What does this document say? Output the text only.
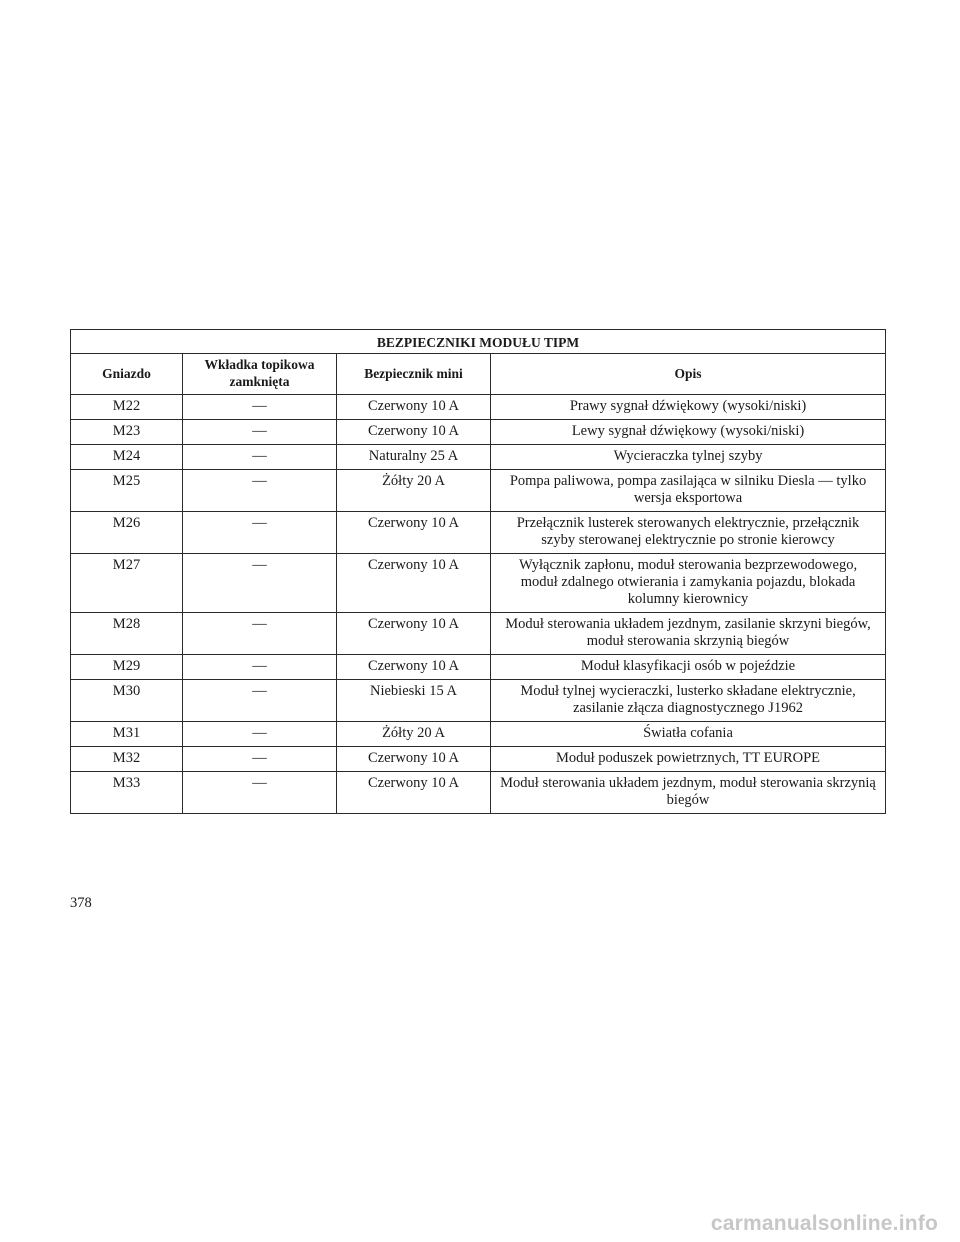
BEZPIECZNIKI MODUŁU TIPM			
Gniazdo	Wkładka topikowa zamknięta	Bezpiecznik mini	Opis
M22	—	Czerwony 10 A	Prawy sygnał dźwiękowy (wysoki/niski)
M23	—	Czerwony 10 A	Lewy sygnał dźwiękowy (wysoki/niski)
M24	—	Naturalny 25 A	Wycieraczka tylnej szyby
M25	—	Żółty 20 A	Pompa paliwowa, pompa zasilająca w silniku Diesla — tylko wersja eksportowa
M26	—	Czerwony 10 A	Przełącznik lusterek sterowanych elektrycznie, przełącznik szyby sterowanej elektrycznie po stronie kierowcy
M27	—	Czerwony 10 A	Wyłącznik zapłonu, moduł sterowania bezprzewodowego, moduł zdalnego otwierania i zamykania pojazdu, blokada kolumny kierownicy
M28	—	Czerwony 10 A	Moduł sterowania układem jezdnym, zasilanie skrzyni biegów, moduł sterowania skrzynią biegów
M29	—	Czerwony 10 A	Moduł klasyfikacji osób w pojeździe
M30	—	Niebieski 15 A	Moduł tylnej wycieraczki, lusterko składane elektrycznie, zasilanie złącza diagnostycznego J1962
M31	—	Żółty 20 A	Światła cofania
M32	—	Czerwony 10 A	Moduł poduszek powietrznych, TT EUROPE
M33	—	Czerwony 10 A	Moduł sterowania układem jezdnym, moduł sterowania skrzynią biegów
378
carmanualsonline.info
